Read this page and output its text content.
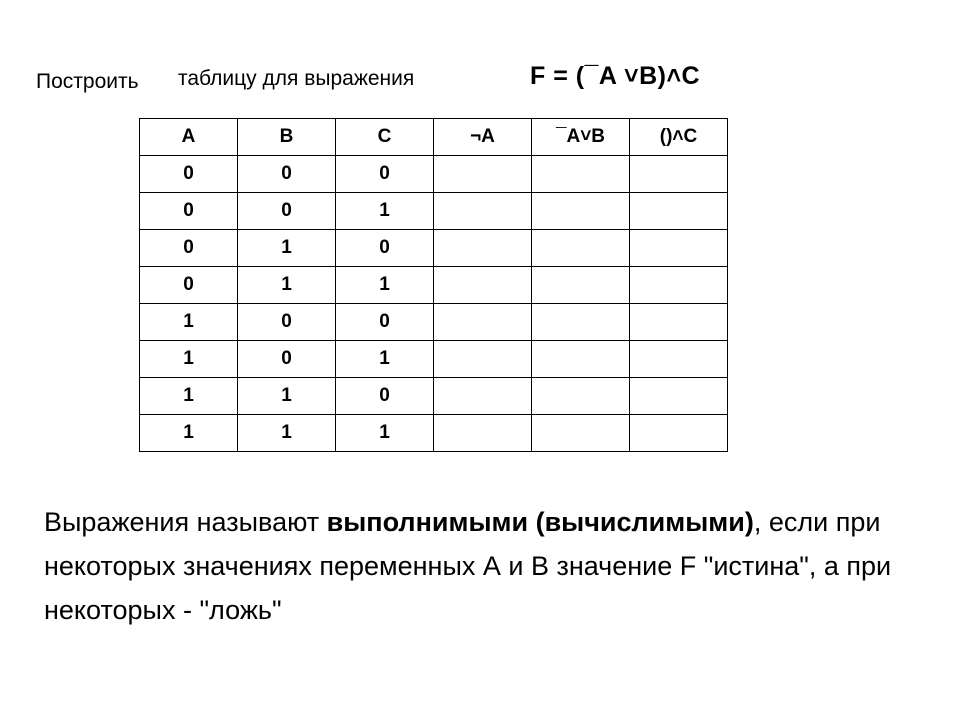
Построить таблицу для выражения	F = (¯A ˅B)˄C
A	B	C	¬A	¯A˅B	()˄C
0	0	0			
0	0	1			
0	1	0			
0	1	1			
1	0	0			
1	0	1			
1	1	0			
1	1	1			
Выражения называют выполнимыми (вычислимыми), если при некоторых значениях переменных А и В значение F "истина", а при некоторых - "ложь"
